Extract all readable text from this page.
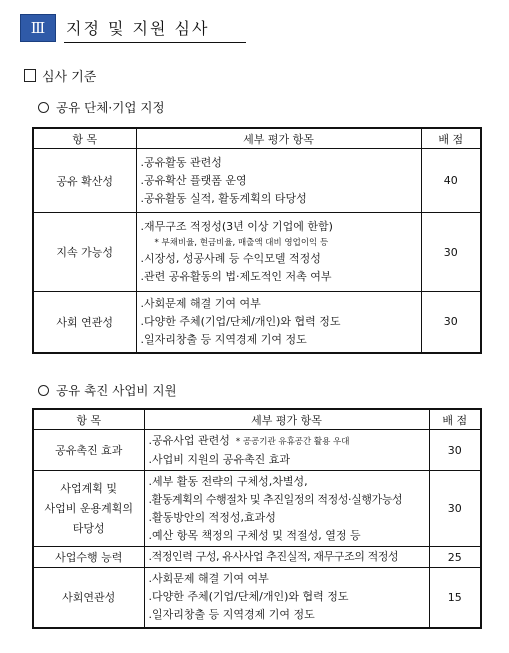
Ⅲ	지정 및 지원 심사
심사 기준
공유 단체·기업 지정
항 목	세부 평가 항목	배 점
공유 확산성	.공유활동 관련성
.공유확산 플랫폼 운영
.공유활동 실적, 활동계획의 타당성	40
지속 가능성	.재무구조 적정성(3년 이상 기업에 한함)
* 부채비율, 현금비율, 매출액 대비 영업이익 등
.시장성, 성공사례 등 수익모델 적정성
.관련 공유활동의 법·제도적인 저촉 여부	30
사회 연관성	.사회문제 해결 기여 여부
.다양한 주체(기업/단체/개인)와 협력 정도
.일자리창출 등 지역경제 기여 정도	30
공유 촉진 사업비 지원
항 목	세부 평가 항목	배 점
공유촉진 효과	.공유사업 관련성 * 공공기관 유휴공간 활용 우대
.사업비 지원의 공유촉진 효과	30

사업계획 및
사업비 운용계획의
타당성	.세부 활동 전략의 구체성,차별성,
.활동계획의 수행절차 및 추진일정의 적정성·실행가능성
.활동방안의 적정성,효과성
.예산 항목 책정의 구체성 및 적절성, 열정 등	30
사업수행 능력	.적정인력 구성, 유사사업 추진실적, 재무구조의 적정성	25
사회연관성	.사회문제 해결 기여 여부
.다양한 주체(기업/단체/개인)와 협력 정도
.일자리창출 등 지역경제 기여 정도	15
